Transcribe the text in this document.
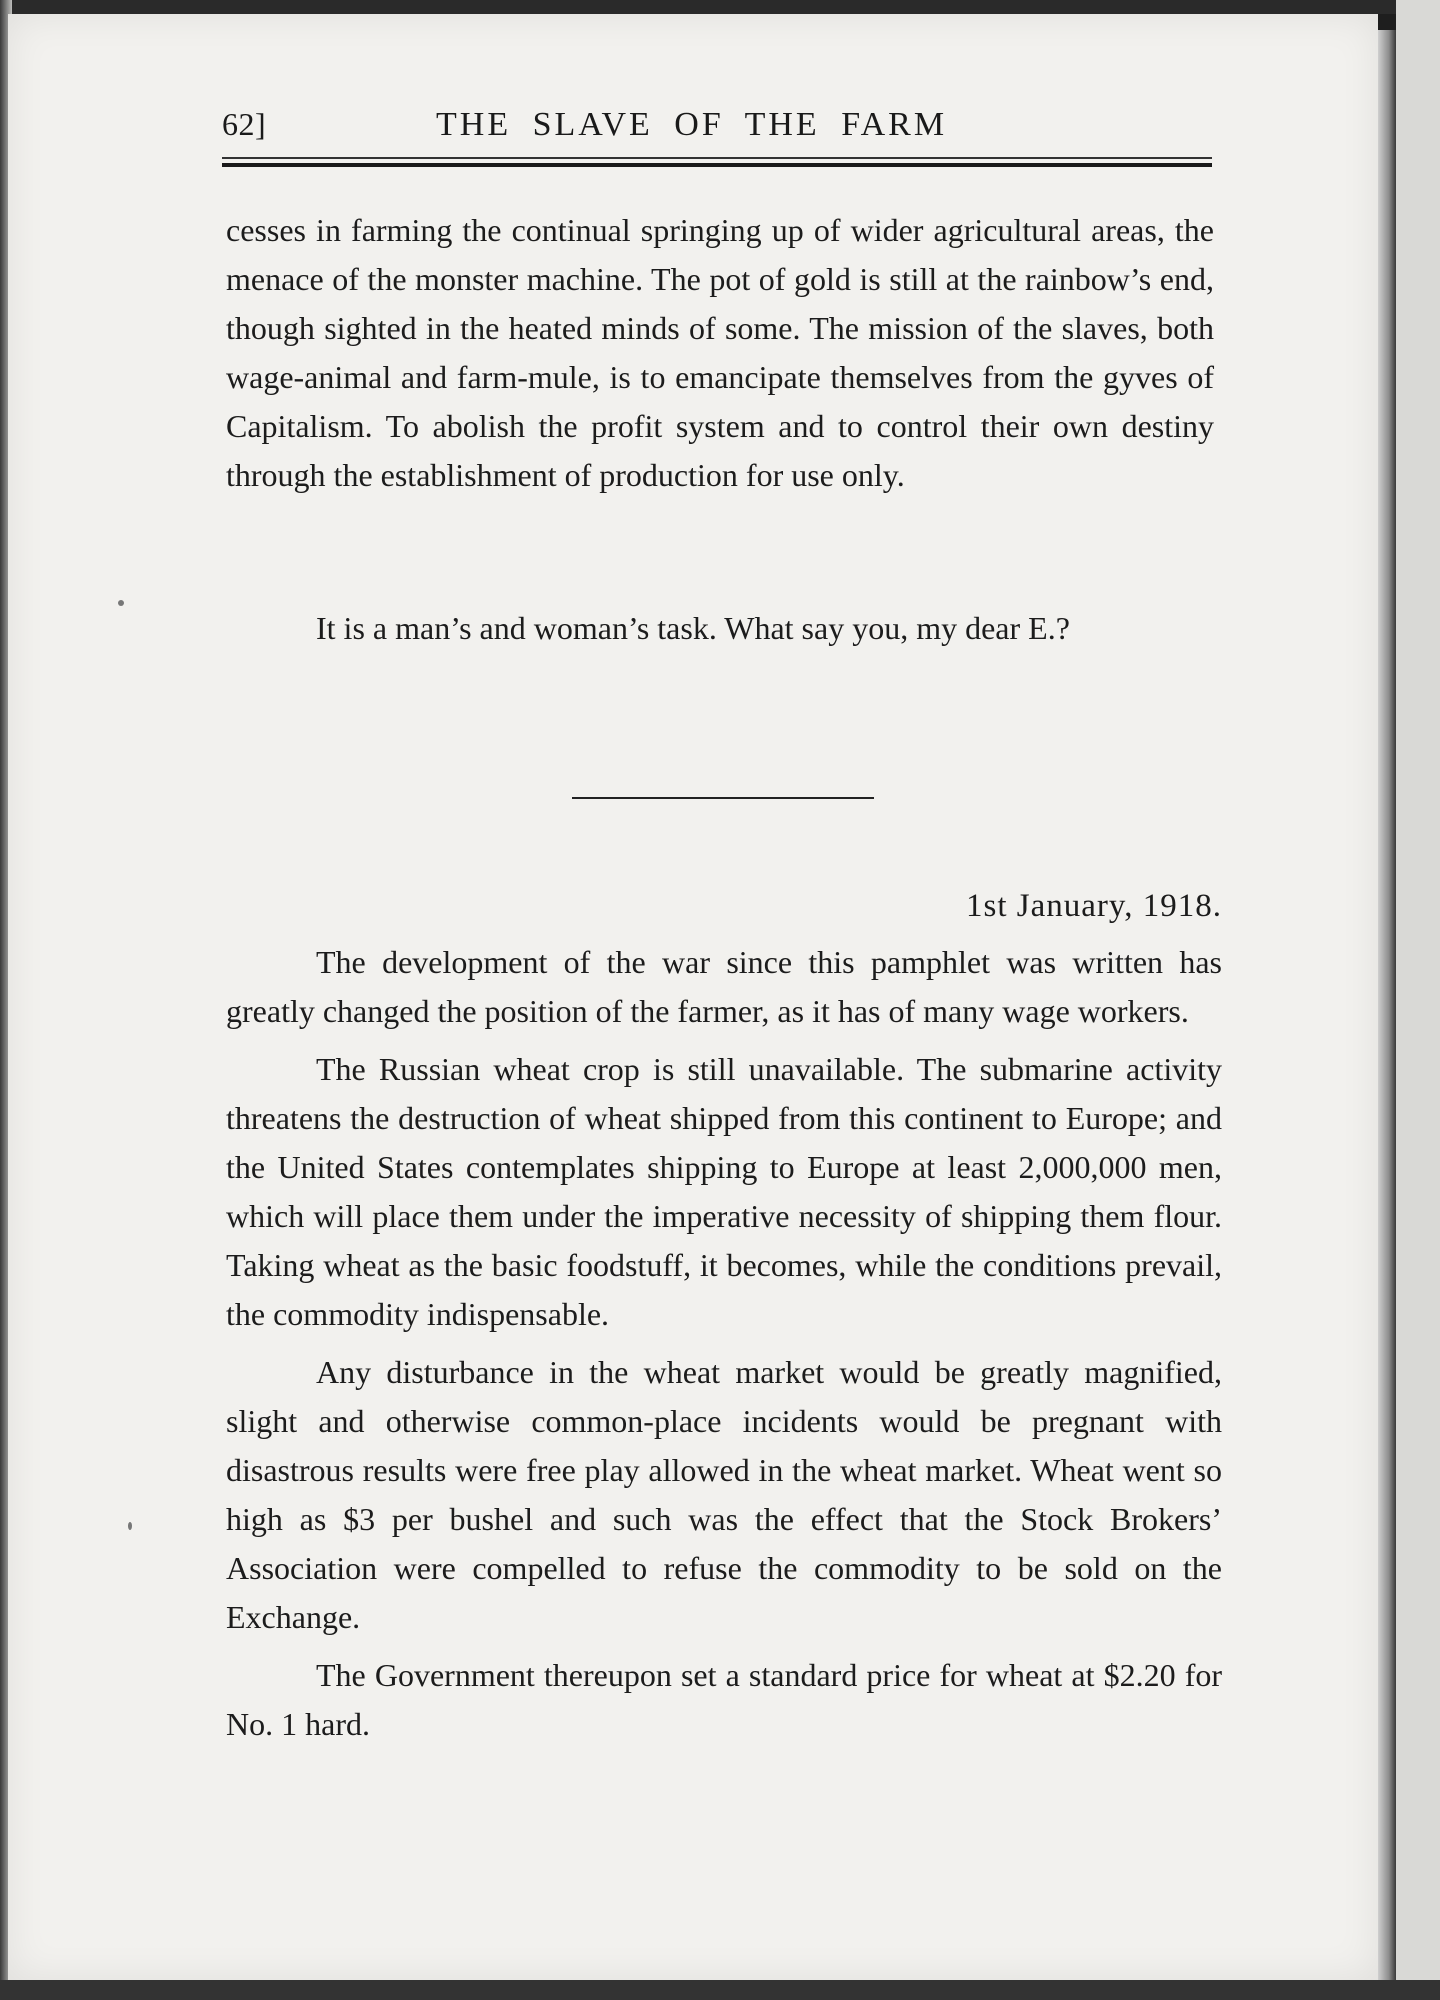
62]	THE SLAVE OF THE FARM

cesses in farming the continual springing up of wider agricultural areas, the menace of the monster machine. The pot of gold is still at the rainbow’s end, though sighted in the heated minds of some. The mission of the slaves, both wage-animal and farm-mule, is to emancipate themselves from the gyves of Capitalism. To abolish the profit system and to control their own destiny through the establishment of production for use only.

It is a man’s and woman’s task. What say you, my dear E.?

1st January, 1918.

The development of the war since this pamphlet was written has greatly changed the position of the farmer, as it has of many wage workers.

The Russian wheat crop is still unavailable. The submarine activity threatens the destruction of wheat shipped from this continent to Europe; and the United States contemplates shipping to Europe at least 2,000,000 men, which will place them under the imperative necessity of shipping them flour. Taking wheat as the basic foodstuff, it becomes, while the conditions prevail, the commodity indispensable.

Any disturbance in the wheat market would be greatly magnified, slight and otherwise common-place incidents would be pregnant with disastrous results were free play allowed in the wheat market. Wheat went so high as $3 per bushel and such was the effect that the Stock Brokers’ Association were compelled to refuse the commodity to be sold on the Exchange.

The Government thereupon set a standard price for wheat at $2.20 for No. 1 hard.
